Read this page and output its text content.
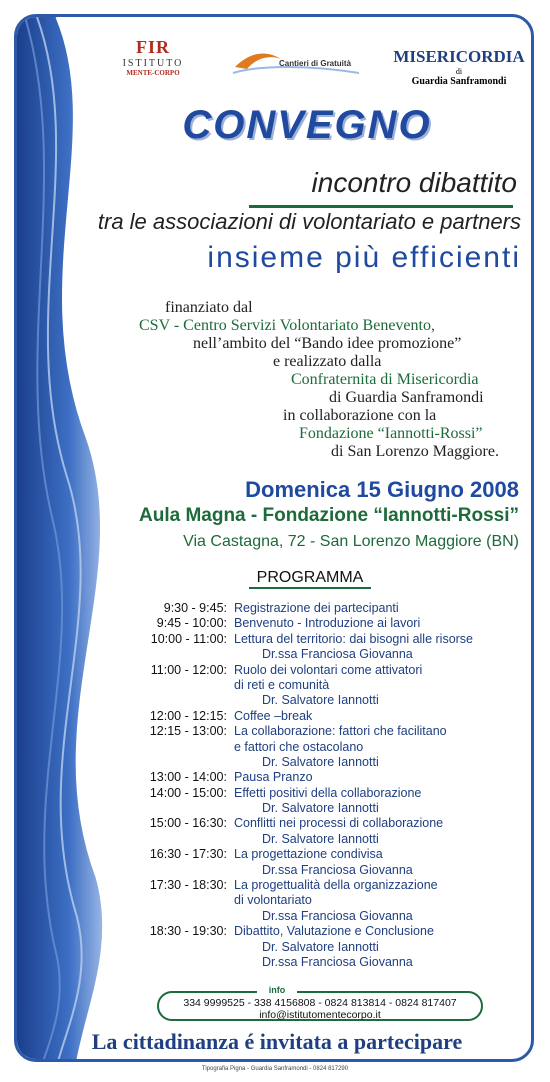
FIR
ISTITUTO
MENTE-CORPO
Cantieri di Gratuità MISERICORDIA
di
Guardia Sanframondi
CONVEGNO
incontro dibattito
tra le associazioni di volontariato e partners
insieme più efficienti
finanziato dal
CSV - Centro Servizi Volontariato Benevento,
nell’ambito del “Bando idee promozione”
e realizzato dalla
Confraternita di Misericordia
di Guardia Sanframondi
in collaborazione con la
Fondazione “Iannotti-Rossi”
di San Lorenzo Maggiore.
Domenica 15 Giugno 2008
Aula Magna - Fondazione “Iannotti-Rossi”
Via Castagna, 72 - San Lorenzo Maggiore (BN)
PROGRAMMA
9:30 - 9:45: Registrazione dei partecipanti
9:45 - 10:00: Benvenuto - Introduzione ai lavori
10:00 - 11:00: Lettura del territorio: dai bisogni alle risorse
Dr.ssa Franciosa Giovanna
11:00 - 12:00: Ruolo dei volontari come attivatori
di reti e comunità
Dr. Salvatore Iannotti
12:00 - 12:15: Coffee –break
12:15 - 13:00: La collaborazione: fattori che facilitano
e fattori che ostacolano
Dr. Salvatore Iannotti
13:00 - 14:00: Pausa Pranzo
14:00 - 15:00: Effetti positivi della collaborazione
Dr. Salvatore Iannotti
15:00 - 16:30: Conflitti nei processi di collaborazione
Dr. Salvatore Iannotti
16:30 - 17:30: La progettazione condivisa
Dr.ssa Franciosa Giovanna
17:30 - 18:30: La progettualità della organizzazione
di volontariato
Dr.ssa Franciosa Giovanna
18:30 - 19:30: Dibattito, Valutazione e Conclusione
Dr. Salvatore Iannotti
Dr.ssa Franciosa Giovanna
info
334 9999525 - 338 4156808 - 0824 813814 - 0824 817407
info@istitutomentecorpo.it
La cittadinanza é invitata a partecipare
Tipografia Pigna - Guardia Sanframondi - 0824 817290
